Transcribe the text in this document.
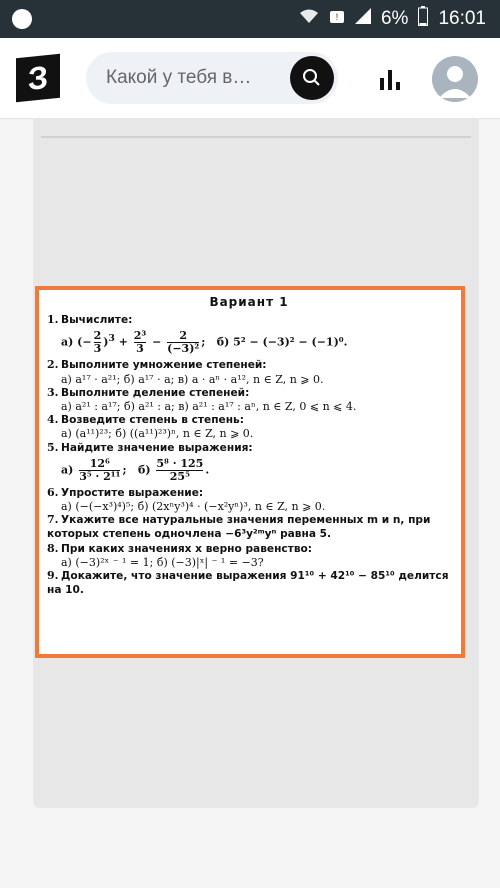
! 6% 16:01
З	Какой у тебя в…
Вариант 1
1. Вычислите:
а) (− $\frac{2}{3} )^3 + \frac{\text{2³}}{3} - \frac{2}{\text{(−3)²}}$ ;   б) 5² − (−3)² − (−1)⁰.
2. Выполните умножение степеней:
а) a¹⁷ · a²¹; б) a¹⁷ · a; в) a · aⁿ · a¹², n ∈ Z, n ⩾ 0.
3. Выполните деление степеней:
а) a²¹ : a¹⁷; б) a²¹ : a; в) a²¹ : a¹⁷ : aⁿ, n ∈ Z, 0 ⩽ n ⩽ 4.
4. Возведите степень в степень:
а) (a¹¹)²³; б) ((a¹¹)²³)ⁿ, n ∈ Z, n ⩾ 0.
5. Найдите значение выражения:
$а) \frac{\text{12⁶}}{\text{3⁵ · 2¹¹}}$ ;   $б) \frac{\text{5⁸ · 125}}{\text{25⁵}}$ .
6. Упростите выражение:
а) (−(−x³)⁴)⁵; б) (2xⁿy³)⁴ · (−x²yⁿ)³, n ∈ Z, n ⩾ 0.
7. Укажите все натуральные значения переменных m и n, при которых степень одночлена −6³y²ᵐyⁿ равна 5.
8. При каких значениях x верно равенство:
а) (−3)²ˣ ⁻ ¹ = 1; б) (−3)|ˣ| ⁻ ¹ = −3?
9. Докажите, что значение выражения 91¹⁰ + 42¹⁰ − 85¹⁰ делится на 10.
